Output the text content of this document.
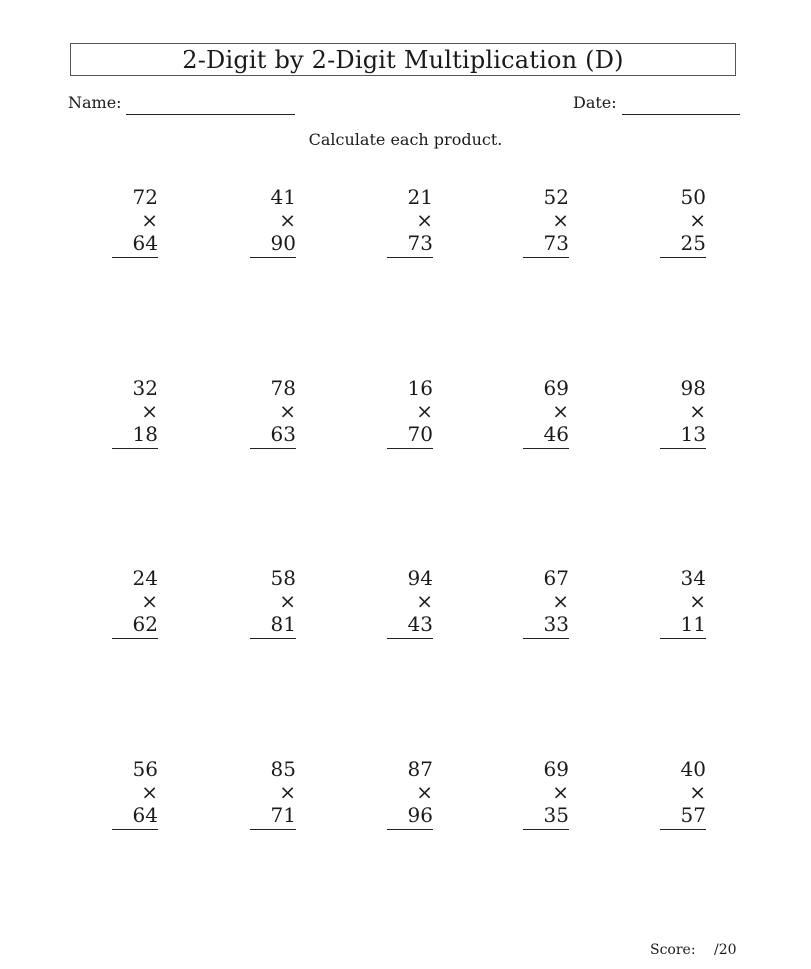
2-Digit by 2-Digit Multiplication (D)
Name:	Date:
Calculate each product.
72
× 64
41
× 90
21
× 73
52
× 73
50
× 25
32
× 18
78
× 63
16
× 70
69
× 46
98
× 13
24
× 62
58
× 81
94
× 43
67
× 33
34
× 11
56
× 64
85
× 71
87
× 96
69
× 35
40
× 57
Score: /20
